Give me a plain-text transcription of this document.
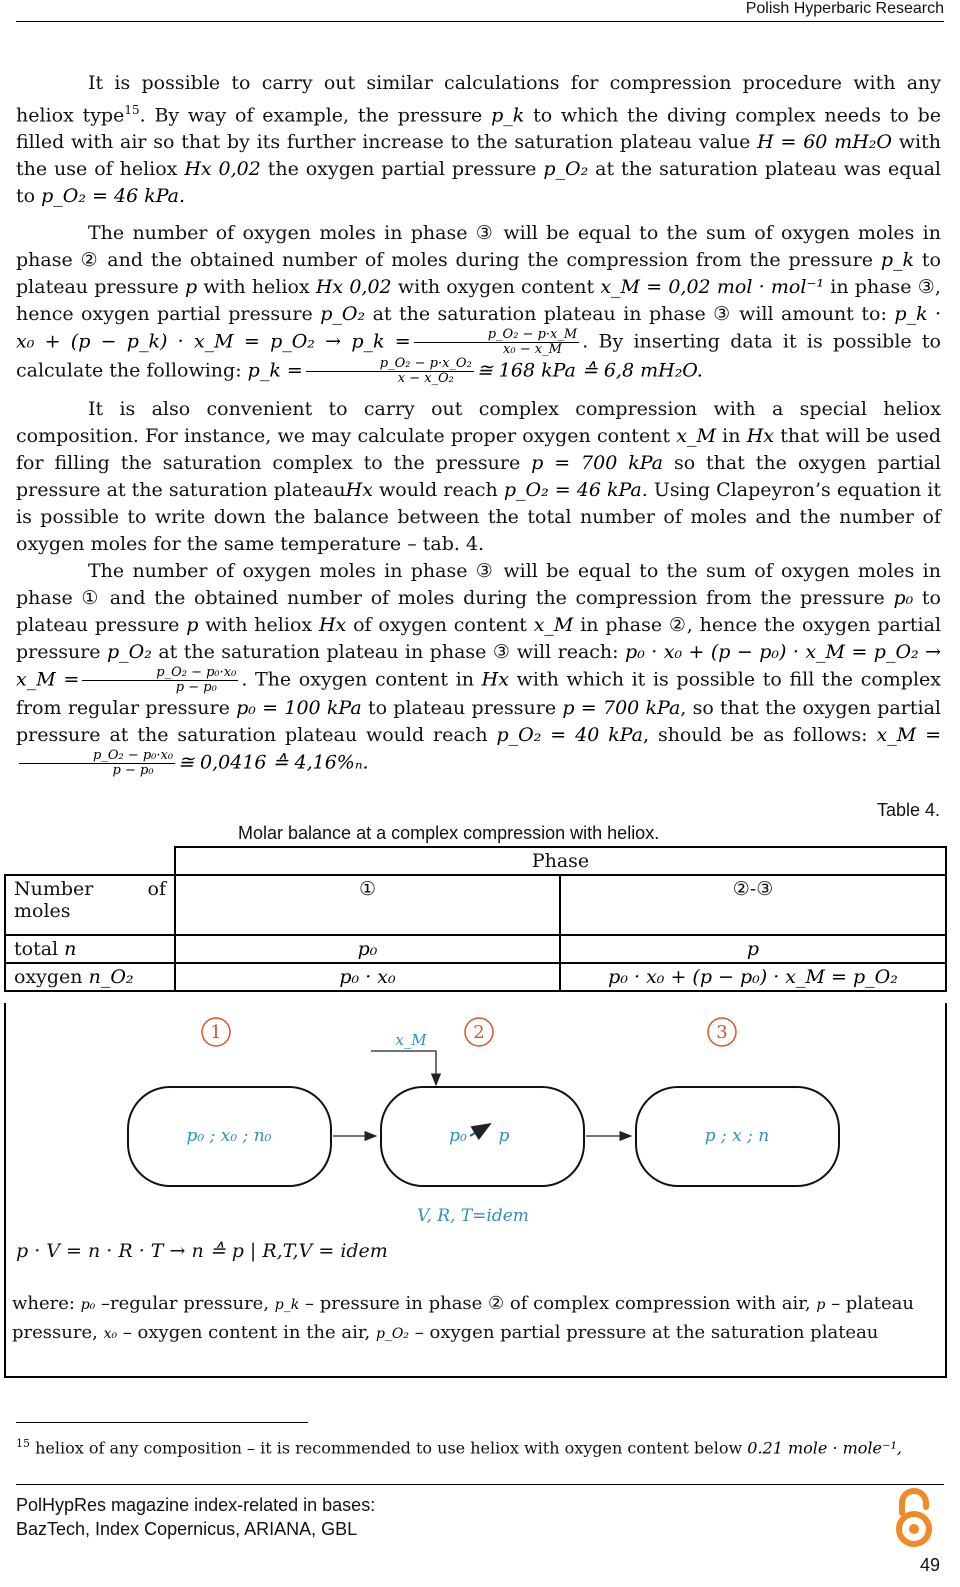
Polish Hyperbaric Research

It is possible to carry out similar calculations for compression procedure with any heliox type$^{15}$. By way of example, the pressure p_k to which the diving complex needs to be filled with air so that by its further increase to the saturation plateau value H = 60 mH₂O with the use of heliox Hx 0,02 the oxygen partial pressure p_O₂ at the saturation plateau was equal to p_O₂ = 46 kPa.

The number of oxygen moles in phase ③ will be equal to the sum of oxygen moles in phase ② and the obtained number of moles during the compression from the pressure p_k to plateau pressure p with heliox Hx 0,02 with oxygen content x_M = 0,02 mol · mol⁻¹ in phase ③, hence oxygen partial pressure p_O₂ at the saturation plateau in phase ③ will amount to: p_k · x₀ + (p − p_k) · x_M = p_O₂ → p_k = $\frac{\text{p\_O₂ − p·x\_M}}{\text{x₀ − x\_M}}$ . By inserting data it is possible to calculate the following: p_k = $\frac{\text{p\_O₂ − p·x\_O₂}}{\text{x − x\_O₂}}$ ≅ 168 kPa ≙ 6,8 mH₂O.

It is also convenient to carry out complex compression with a special heliox composition. For instance, we may calculate proper oxygen content x_M in Hx that will be used for filling the saturation complex to the pressure p = 700 kPa so that the oxygen partial pressure at the saturation plateauHx would reach p_O₂ = 46 kPa. Using Clapeyron’s equation it is possible to write down the balance between the total number of moles and the number of oxygen moles for the same temperature – tab. 4.

The number of oxygen moles in phase ③ will be equal to the sum of oxygen moles in phase ① and the obtained number of moles during the compression from the pressure p₀ to plateau pressure p with heliox Hx of oxygen content x_M in phase ②, hence the oxygen partial pressure p_O₂ at the saturation plateau in phase ③ will reach: p₀ · x₀ + (p − p₀) · x_M = p_O₂ → x_M = $\frac{\text{p\_O₂ − p₀·x₀}}{\text{p − p₀}}$ . The oxygen content in Hx with which it is possible to fill the complex from regular pressure p₀ = 100 kPa to plateau pressure p = 700 kPa, so that the oxygen partial pressure at the saturation plateau would reach p_O₂ = 40 kPa, should be as follows: x_M =
$\frac{\text{p\_O₂ − p₀·x₀}}{\text{p − p₀}}$ ≅ 0,0416 ≙ 4,16%ₙ.

Table 4.
Molar balance at a complex compression with heliox.
	Phase	
Number of moles	①	②-③
total n	p₀	p
oxygen n_O₂	p₀ · x₀	p₀ · x₀ + (p − p₀) · x_M = p_O₂
1	2	3
x_M
p₀ ; x₀ ; n₀	p₀ p	p ; x ; n
V, R, T=idem
p · V = n · R · T → n ≙ p | R,T,V = idem
where: p₀ –regular pressure, p_k – pressure in phase ② of complex compression with air, p – plateau pressure, x₀ – oxygen content in the air, p_O₂ – oxygen partial pressure at the saturation plateau
$^{15}$ heliox of any composition – it is recommended to use heliox with oxygen content below 0.21 mole · mole⁻¹,
PolHypRes magazine index-related in bases:
BazTech, Index Copernicus, ARIANA, GBL
49
